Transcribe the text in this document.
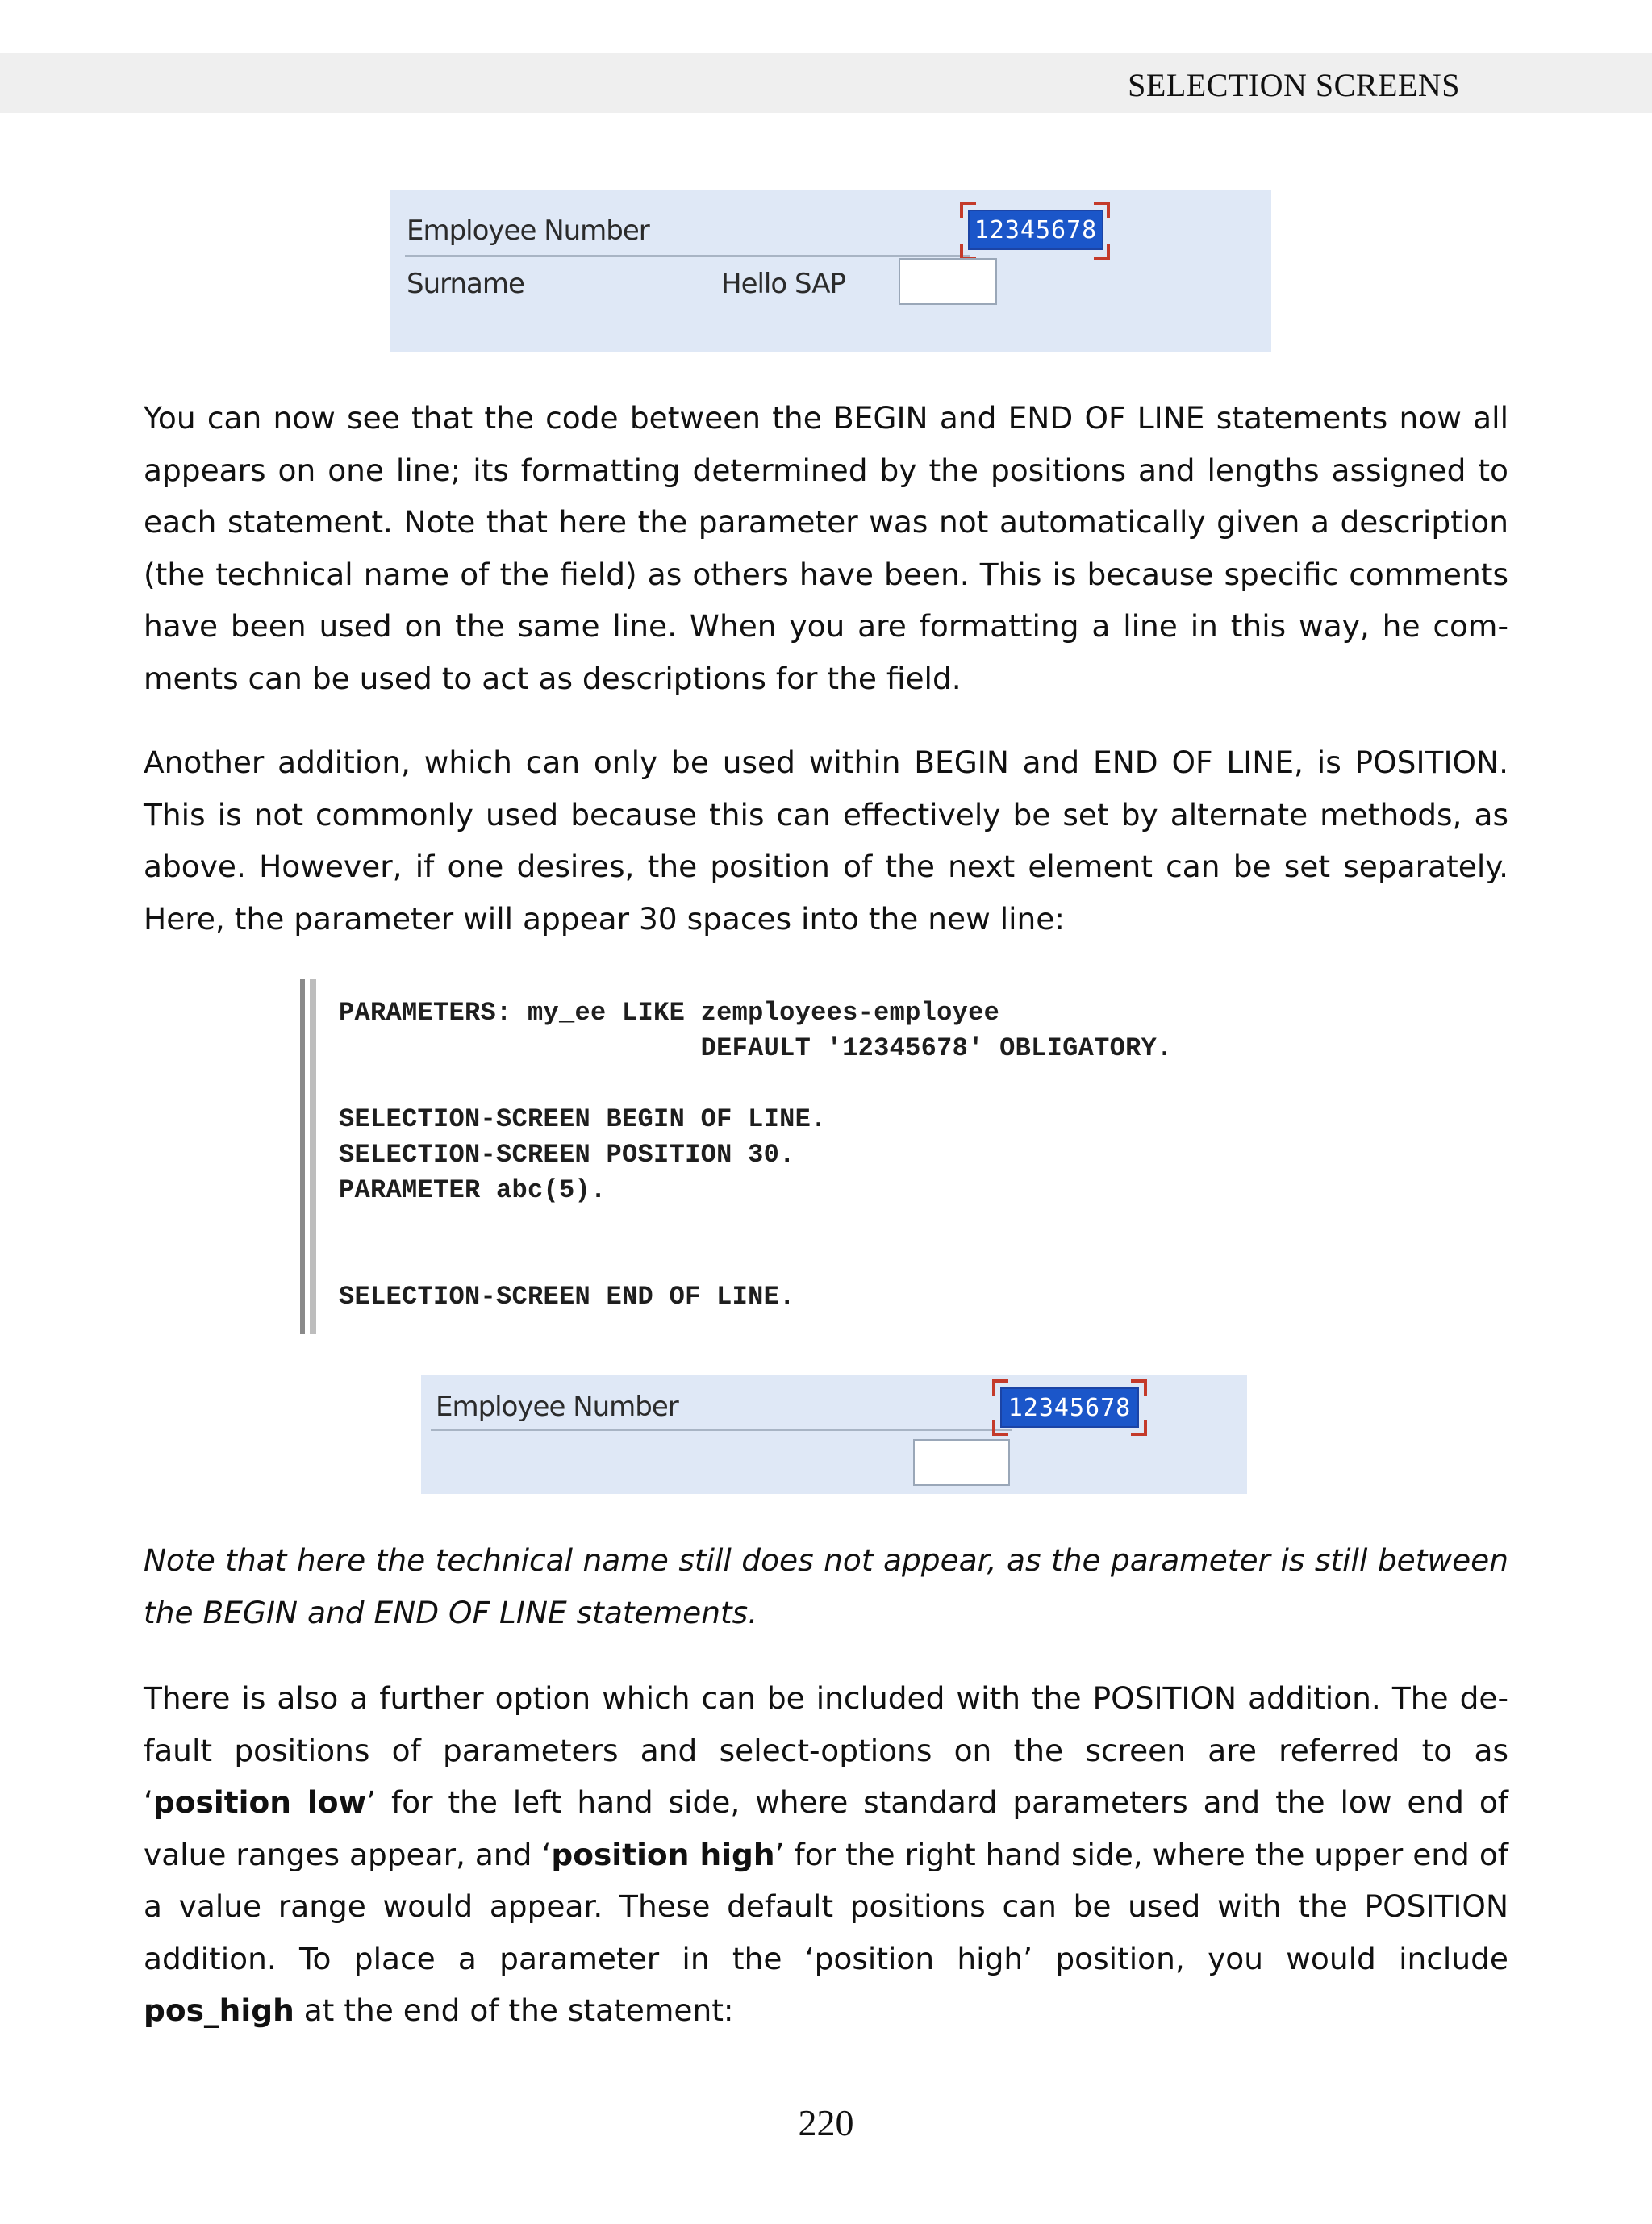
SELECTION SCREENS
Employee Number
Surname	Hello SAP
12345678

You can now see that the code between the BEGIN and END OF LINE statements now all appears on one line; its formatting determined by the positions and lengths assigned to each statement. Note that here the parameter was not automatically given a description (the technical name of the field) as others have been. This is because specific comments have been used on the same line. When you are formatting a line in this way, he com-ments can be used to act as descriptions for the field.

Another addition, which can only be used within BEGIN and END OF LINE, is POSITION. This is not commonly used because this can effectively be set by alternate methods, as above. However, if one desires, the position of the next element can be set separately. Here, the parameter will appear 30 spaces into the new line:

PARAMETERS: my_ee LIKE zemployees-employee
DEFAULT '12345678' OBLIGATORY.
SELECTION-SCREEN BEGIN OF LINE.
SELECTION-SCREEN POSITION 30.
PARAMETER abc(5).
SELECTION-SCREEN END OF LINE.
Employee Number	12345678

Note that here the technical name still does not appear, as the parameter is still between the BEGIN and END OF LINE statements.

There is also a further option which can be included with the POSITION addition. The de-fault positions of parameters and select-options on the screen are referred to as ‘position low’ for the left hand side, where standard parameters and the low end of value ranges appear, and ‘position high’ for the right hand side, where the upper end of a value range would appear. These default positions can be used with the POSITION addition. To place a parameter in the ‘position high’ position, you would include pos_high at the end of the statement:

220
